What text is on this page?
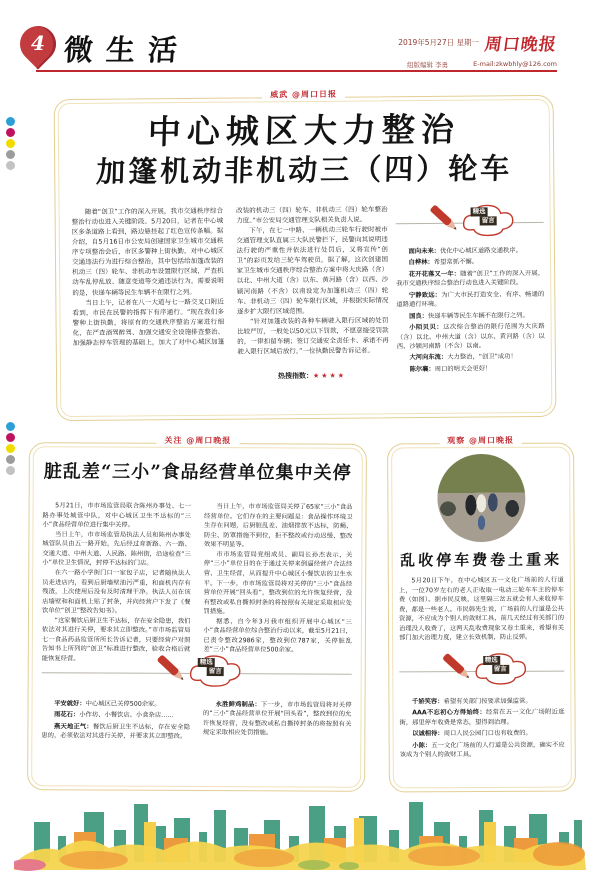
4 微生活	2019年5月27日 星期一 周口晚报
组版编辑 李勇	E-mail:zkwbhly@126.com
威武 @周口日报
中心城区大力整治
加篷机动非机动三（四）轮车

随着“创卫”工作的深入开展，我市交通秩序综合整治行动也进入关键阶段。5月20日，记者在中心城区多条道路上看到，路边悬挂起了红色宣传条幅。据介绍，自5月16日市公安局创建国家卫生城市交通秩序专项整治会后，市区多警种上街执勤，对中心城区交通违法行为进行综合整治，其中包括给加篷改装的机动三（四）轮车、非机动车设置限行区域，严查机动车乱停乱放、随意变道等交通违法行为。需要说明的是，快递车辆等民生车辆不在限行之列。

当日上午，记者在八一大道与七一路交叉口附近看到，市民在民警的指挥下有序通行。“现在我们多警种上街执勤，将原有的交通秩序整治方案进行细化，在严查酒驾醉驾、加强交通安全设施排查整治、加强静态停车管理的基础上，加大了对中心城区加篷改装的机动三（四）轮车、非机动三（四）轮车整治力度。”市公安局交通管理支队相关负责人说。

下午，在七一中路，一辆机动三轮车行驶时被市交通管理支队直属三大队民警拦下，民警向其说明违法行驶的严重性并依法进行处罚后，又将宣传“创卫”的彩页发给三轮车驾驶员。据了解，这次创建国家卫生城市交通秩序综合整治方案中将大庆路（含）以北、中州大道（含）以东、黄河路（含）以西、沙颍河南路（不含）以南设定为加篷机动三（四）轮车、非机动三（四）轮车限行区域，并根据实际情况逐步扩大限行区域范围。

“针对加篷改装的各种车辆驶入限行区域的处罚比较严厉，一般处以50元以下罚款，不愿意接受罚款的，一律扣留车辆；签订交通安全责任卡、承诺不再驶入限行区域后放行。”一位执勤民警告诉记者。

热搜指数：★★★★
精选
留言

面向未来：优化中心城区道路交通秩序。

白桦林：希望常抓不懈。

花开花落又一年：随着“创卫”工作的深入开展，我市交通秩序综合整治行动也进入关键阶段。

宁静致远：为广大市民打造安全、有序、畅通的道路通行环境。

国良：快递车辆等民生车辆不在限行之列。

小陌贝贝：这次综合整治的限行范围为大庆路（含）以北、中州大道（含）以东、黄河路（含）以西、沙颍河南路（不含）以南。

大河向东流：大力整治，“创卫”成功！

陈尔襄：周口的明天会更好！

关注 @周口晚报
脏乱差“三小”食品经营单位集中关停

5月21日，市市场监管局联合陈州办事处、七一路办事处城管中队，对中心城区卫生不达标的“三小”食品经营单位进行集中关停。

当日上午，市市场监管局执法人员和陈州办事处城管队员由五一路开始，先后经过育新路、六一路、交通大道、中州大道、人民路、陈州街，沿途检查“三小”单位卫生情况，封停不达标的门店。

在六一路小学街门口一家包子店，记者随执法人员走进店内，看到后厨墙壁油污严重，和面机内存有残渣，上次使用后没有及时清理干净。执法人员在该店墙壁和和面机上贴了封条，并向经营户下发了《餐饮单位“创卫”整改告知书》。

“这家餐饮后厨卫生不达标，存在安全隐患，我们依法对其进行关停，要求其立即整改。”市市场监管局七一食品药品监管所所长告诉记者，只要经营户对照告知书上所列的“创卫”标准进行整改，验收合格后就能恢复经营。

当日上午，市市场监管局关停了65家“三小”食品经营单位。它们存在的主要问题是：食品操作环境卫生存在问题，后厨脏乱差、油烟排放不达标，防蝇、防尘、防罩措施不到位，拒不整改或行动迟缓、整改效果不明显等。

市市场监管局党组成员、副局长孙杰表示，关停“三小”单位目的在于通过关停来倒逼经营户合法经营、卫生经营，从而提升中心城区小餐饮店的卫生水平。下一步，市市场监管局将对关停的“三小”食品经营单位开展“回头看”，整改到位的允许恢复经营，没有整改或私自撕掉封条的将按照有关规定采取相应处罚措施。

据悉，自今年3月我市组织开展中心城区“三小”食品经营单位综合整治行动以来，截至5月21日，已责令整改2986家，整改到位787家，关停脏乱差“三小”食品经营单位500余家。

精选
留言

平安就好：中心城区已关停500余家。

雨花石：小作坊、小餐饮店、小食杂店……

燕天地正气：餐饮后厨卫生不达标，存在安全隐患的，必须依法对其进行关停，并要求其立即整改。

永胜鲜鸡制品：下一步，市市场监管局将对关停的“三小”食品经营单位开展“回头看”，整改到位的允许恢复经营，没有整改或私自撕掉封条的将按照有关规定采取相应处罚措施。

观察 @周口晚报
乱收停车费卷土重来

5月20日下午，在中心城区五一文化广场前的人行道上，一位70岁左右的老人正收取一电动三轮车车主的停车费（如图）。据市民反映，这里隔三岔五就会有人来收停车费，都是一些老人。市民韩先生说，广场前的人行道是公共资源，不应成为个别人的敛财工具，前几天经过有关部门的治理没人收费了，这两天乱收费现象又卷土重来，希望有关部门加大治理力度，建立长效机制，防止反弹。

精选
留言

千娇笑容：希望有关部门按要求加强监管。

AAA不忘初心方得始终：经常在五一文化广场附近逛街，那里停车收费是常态，望得到治理。

以诚相待：周口人民公园门口也有收费的。

小陈：五一文化广场前的人行道是公共资源，确实不应该成为个别人的敛财工具。
